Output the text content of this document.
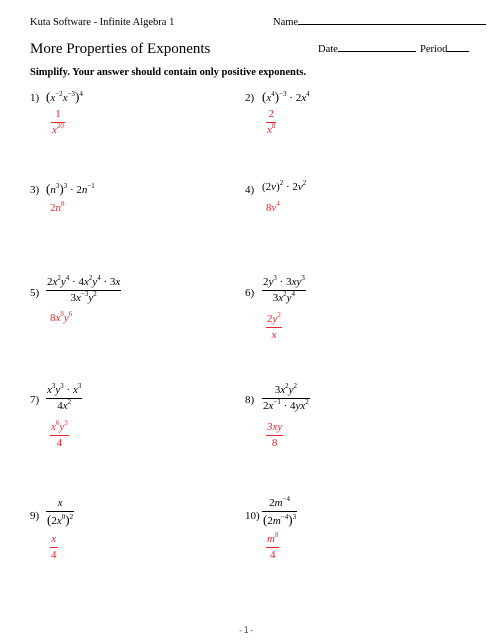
Kuta Software - Infinite Algebra 1	Name
More Properties of Exponents	Date	Period
Simplify. Your answer should contain only positive exponents.
1) $(x^{-2}x^{-3})^4$
$\frac{1}{x^{20}}$
2) $(x^4)^{-3} \cdot 2x^4$
$\frac{2}{x^8}$
3) $(n^3)^3 \cdot 2n^{-1}$
$2n^8$
4) $(2v)^2 \cdot 2v^2$
$8v^4$
$5) \frac{2x^2y^4 \cdot 4x^2y^4 \cdot 3x}{3x^{-3}y^2}$
$8x^8y^6$
$6) \frac{2y^3 \cdot 3xy^3}{3x^2y^4}$
$\frac{2y^2}{x}$
$7) \frac{x^3y^3 \cdot x^3}{4x^2}$
$\frac{x^6y^3}{4}$
$8) \frac{3x^2y^2}{2x^{-1} \cdot 4yx^2}$
$\frac{3xy}{8}$
$9) \frac{x}{(2x^0)^2}$
$\frac{x}{4}$
$10) \frac{2m^{-4}}{(2m^{-4})^3}$
$\frac{m^8}{4}$
-1-
